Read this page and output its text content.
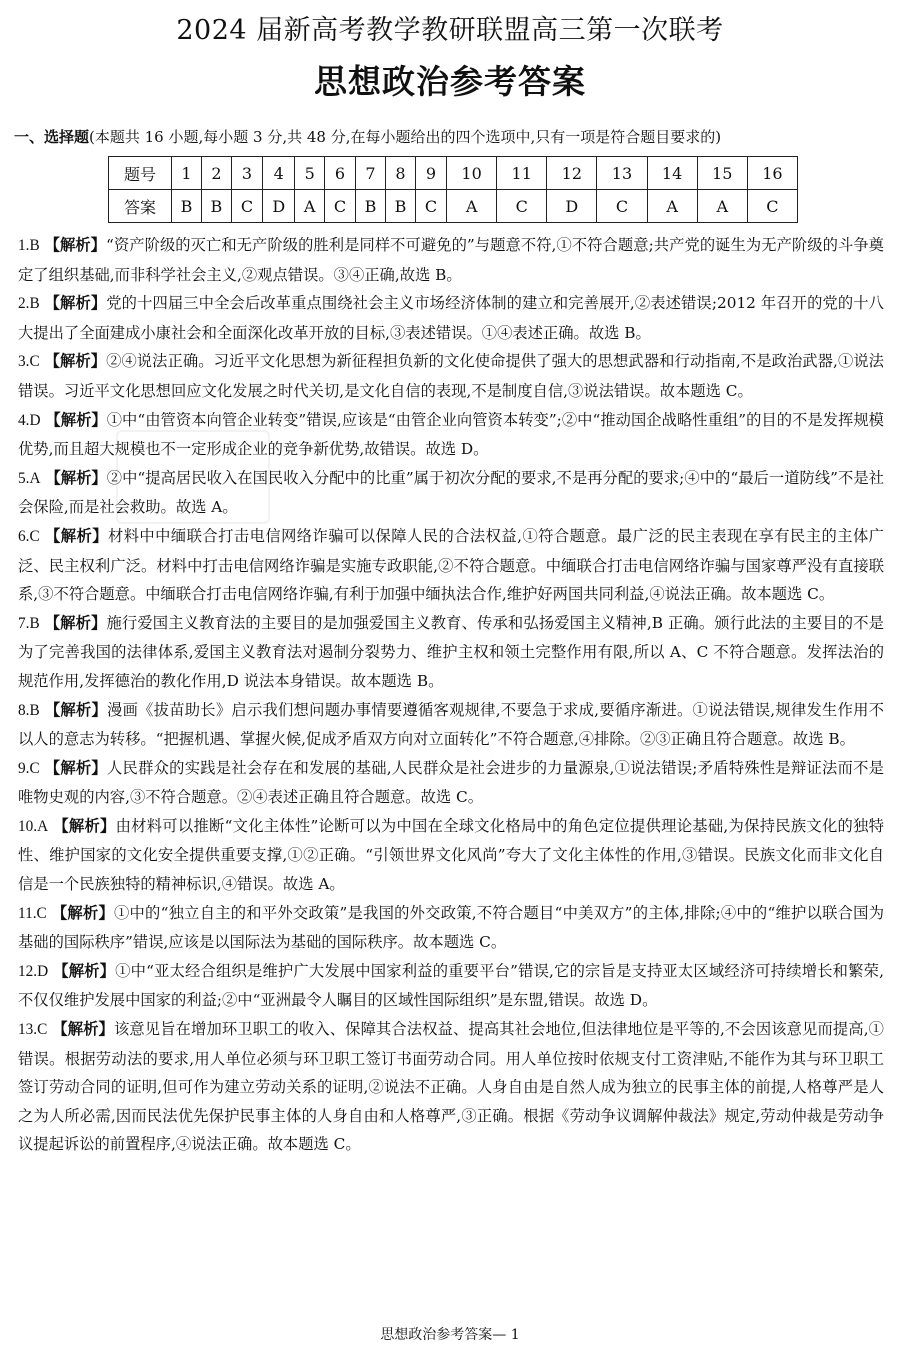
2024 届新高考教学教研联盟高三第一次联考
思想政治参考答案
一、选择题(本题共 16 小题,每小题 3 分,共 48 分,在每小题给出的四个选项中,只有一项是符合题目要求的)
题号	1	2	3	4	5	6	7	8	9	10	11	12	13	14	15	16
答案	B	B	C	D	A	C	B	B	C	A	C	D	C	A	A	C

1.B 【解析】“资产阶级的灭亡和无产阶级的胜利是同样不可避免的”与题意不符,①不符合题意;共产党的诞生为无产阶级的斗争奠定了组织基础,而非科学社会主义,②观点错误。③④正确,故选 B。

2.B 【解析】党的十四届三中全会后改革重点围绕社会主义市场经济体制的建立和完善展开,②表述错误;2012 年召开的党的十八大提出了全面建成小康社会和全面深化改革开放的目标,③表述错误。①④表述正确。故选 B。

3.C 【解析】②④说法正确。习近平文化思想为新征程担负新的文化使命提供了强大的思想武器和行动指南,不是政治武器,①说法错误。习近平文化思想回应文化发展之时代关切,是文化自信的表现,不是制度自信,③说法错误。故本题选 C。

4.D 【解析】①中“由管资本向管企业转变”错误,应该是“由管企业向管资本转变”;②中“推动国企战略性重组”的目的不是发挥规模优势,而且超大规模也不一定形成企业的竞争新优势,故错误。故选 D。

5.A 【解析】②中“提高居民收入在国民收入分配中的比重”属于初次分配的要求,不是再分配的要求;④中的“最后一道防线”不是社会保险,而是社会救助。故选 A。

6.C 【解析】材料中中缅联合打击电信网络诈骗可以保障人民的合法权益,①符合题意。最广泛的民主表现在享有民主的主体广泛、民主权利广泛。材料中打击电信网络诈骗是实施专政职能,②不符合题意。中缅联合打击电信网络诈骗与国家尊严没有直接联系,③不符合题意。中缅联合打击电信网络诈骗,有利于加强中缅执法合作,维护好两国共同利益,④说法正确。故本题选 C。

7.B 【解析】施行爱国主义教育法的主要目的是加强爱国主义教育、传承和弘扬爱国主义精神,B 正确。颁行此法的主要目的不是为了完善我国的法律体系,爱国主义教育法对遏制分裂势力、维护主权和领土完整作用有限,所以 A、C 不符合题意。发挥法治的规范作用,发挥德治的教化作用,D 说法本身错误。故本题选 B。

8.B 【解析】漫画《拔苗助长》启示我们想问题办事情要遵循客观规律,不要急于求成,要循序渐进。①说法错误,规律发生作用不以人的意志为转移。“把握机遇、掌握火候,促成矛盾双方向对立面转化”不符合题意,④排除。②③正确且符合题意。故选 B。

9.C 【解析】人民群众的实践是社会存在和发展的基础,人民群众是社会进步的力量源泉,①说法错误;矛盾特殊性是辩证法而不是唯物史观的内容,③不符合题意。②④表述正确且符合题意。故选 C。

10.A 【解析】由材料可以推断“文化主体性”论断可以为中国在全球文化格局中的角色定位提供理论基础,为保持民族文化的独特性、维护国家的文化安全提供重要支撑,①②正确。“引领世界文化风尚”夸大了文化主体性的作用,③错误。民族文化而非文化自信是一个民族独特的精神标识,④错误。故选 A。

11.C 【解析】①中的“独立自主的和平外交政策”是我国的外交政策,不符合题目“中美双方”的主体,排除;④中的“维护以联合国为基础的国际秩序”错误,应该是以国际法为基础的国际秩序。故本题选 C。

12.D 【解析】①中“亚太经合组织是维护广大发展中国家利益的重要平台”错误,它的宗旨是支持亚太区域经济可持续增长和繁荣,不仅仅维护发展中国家的利益;②中“亚洲最令人瞩目的区域性国际组织”是东盟,错误。故选 D。

13.C 【解析】该意见旨在增加环卫职工的收入、保障其合法权益、提高其社会地位,但法律地位是平等的,不会因该意见而提高,①错误。根据劳动法的要求,用人单位必须与环卫职工签订书面劳动合同。用人单位按时依规支付工资津贴,不能作为其与环卫职工签订劳动合同的证明,但可作为建立劳动关系的证明,②说法不正确。人身自由是自然人成为独立的民事主体的前提,人格尊严是人之为人所必需,因而民法优先保护民事主体的人身自由和人格尊严,③正确。根据《劳动争议调解仲裁法》规定,劳动仲裁是劳动争议提起诉讼的前置程序,④说法正确。故本题选 C。

思想政治参考答案— 1
